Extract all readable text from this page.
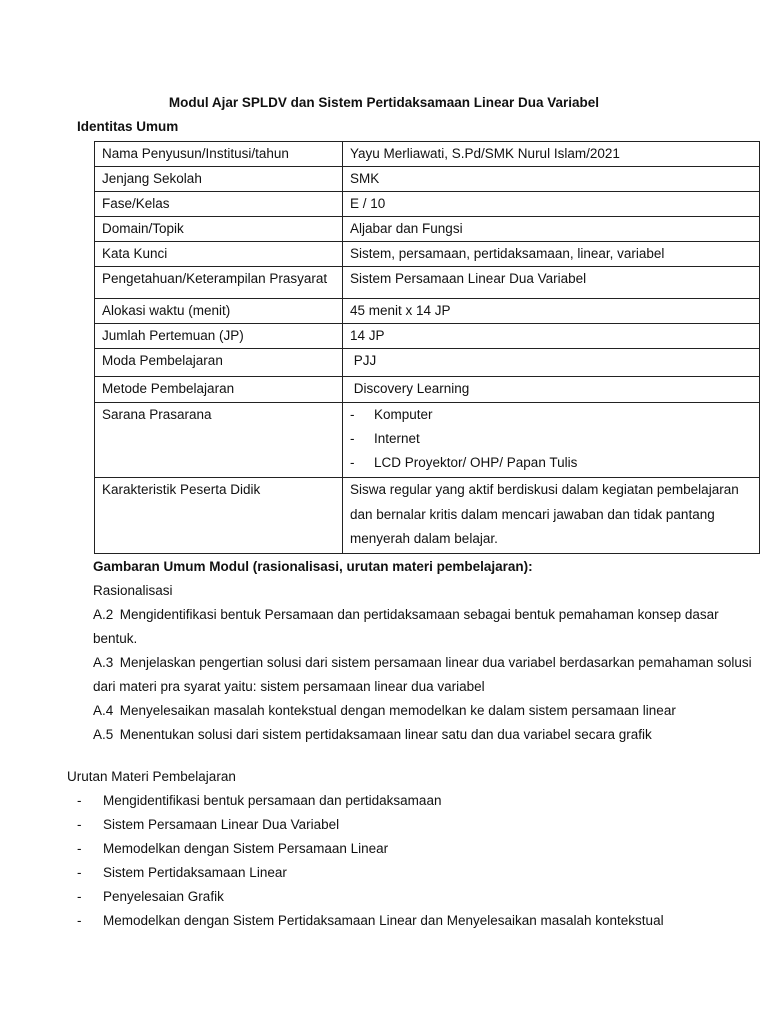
Modul Ajar SPLDV dan Sistem Pertidaksamaan Linear Dua Variabel
Identitas Umum
Nama Penyusun/Institusi/tahun	Yayu Merliawati, S.Pd/SMK Nurul Islam/2021
Jenjang Sekolah	SMK
Fase/Kelas	E / 10
Domain/Topik	Aljabar dan Fungsi
Kata Kunci	Sistem, persamaan, pertidaksamaan, linear, variabel
Pengetahuan/Keterampilan Prasyarat	Sistem Persamaan Linear Dua Variabel
Alokasi waktu (menit)	45 menit x 14 JP
Jumlah Pertemuan (JP)	14 JP
Moda Pembelajaran	PJJ
Metode Pembelajaran	Discovery Learning
Sarana Prasarana	- Komputer
- Internet
- LCD Proyektor/ OHP/ Papan Tulis

Karakteristik Peserta Didik	Siswa regular yang aktif berdiskusi dalam kegiatan pembelajaran dan bernalar kritis dalam mencari jawaban dan tidak pantang menyerah dalam belajar.
Gambaran Umum Modul (rasionalisasi, urutan materi pembelajaran):
Rasionalisasi
A.2 Mengidentifikasi bentuk Persamaan dan pertidaksamaan sebagai bentuk pemahaman konsep dasar
bentuk.
A.3 Menjelaskan pengertian solusi dari sistem persamaan linear dua variabel berdasarkan pemahaman solusi
dari materi pra syarat yaitu: sistem persamaan linear dua variabel
A.4 Menyelesaikan masalah kontekstual dengan memodelkan ke dalam sistem persamaan linear
A.5 Menentukan solusi dari sistem pertidaksamaan linear satu dan dua variabel secara grafik
Urutan Materi Pembelajaran
- Mengidentifikasi bentuk persamaan dan pertidaksamaan
- Sistem Persamaan Linear Dua Variabel
- Memodelkan dengan Sistem Persamaan Linear
- Sistem Pertidaksamaan Linear
- Penyelesaian Grafik
- Memodelkan dengan Sistem Pertidaksamaan Linear dan Menyelesaikan masalah kontekstual
